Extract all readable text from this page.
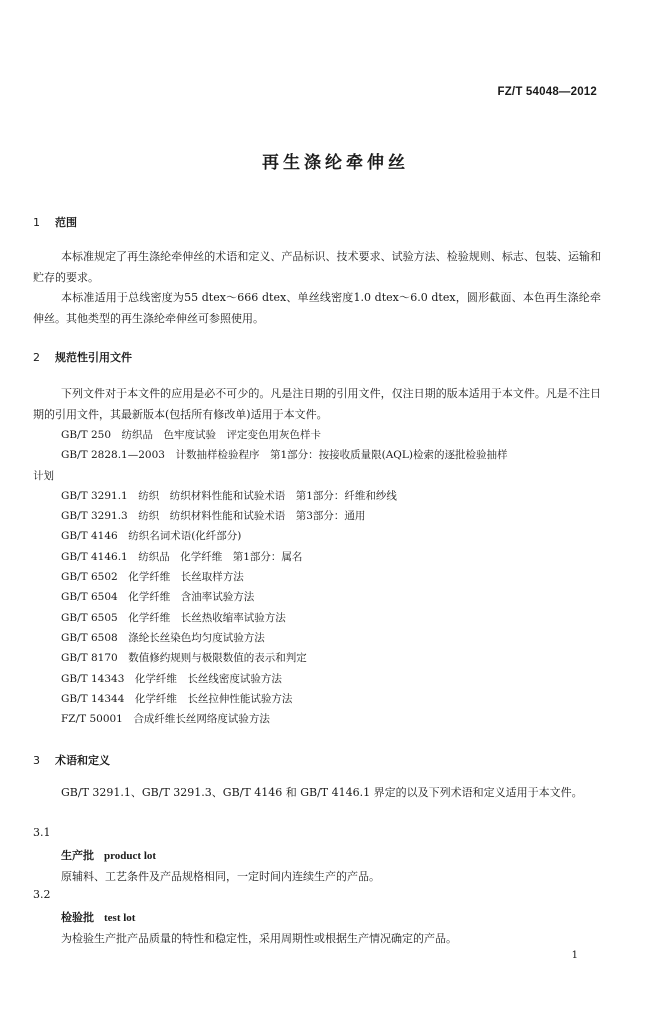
FZ/T 54048—2012
再生涤纶牵伸丝
1 范围
本标准规定了再生涤纶牵伸丝的术语和定义、产品标识、技术要求、试验方法、检验规则、标志、包装、运输和贮存的要求。
本标准适用于总线密度为55 dtex～666 dtex、单丝线密度1.0 dtex～6.0 dtex，圆形截面、本色再生涤纶牵伸丝。其他类型的再生涤纶牵伸丝可参照使用。
2 规范性引用文件
下列文件对于本文件的应用是必不可少的。凡是注日期的引用文件，仅注日期的版本适用于本文件。凡是不注日期的引用文件，其最新版本(包括所有修改单)适用于本文件。
GB/T 250　纺织品　色牢度试验　评定变色用灰色样卡
GB/T 2828.1—2003　计数抽样检验程序　第1部分：按接收质量限(AQL)检索的逐批检验抽样
计划
GB/T 3291.1　纺织　纺织材料性能和试验术语　第1部分：纤维和纱线
GB/T 3291.3　纺织　纺织材料性能和试验术语　第3部分：通用
GB/T 4146　纺织名词术语(化纤部分)
GB/T 4146.1　纺织品　化学纤维　第1部分：属名
GB/T 6502　化学纤维　长丝取样方法
GB/T 6504　化学纤维　含油率试验方法
GB/T 6505　化学纤维　长丝热收缩率试验方法
GB/T 6508　涤纶长丝染色均匀度试验方法
GB/T 8170　数值修约规则与极限数值的表示和判定
GB/T 14343　化学纤维　长丝线密度试验方法
GB/T 14344　化学纤维　长丝拉伸性能试验方法
FZ/T 50001　合成纤维长丝网络度试验方法
3 术语和定义
GB/T 3291.1、GB/T 3291.3、GB/T 4146 和 GB/T 4146.1 界定的以及下列术语和定义适用于本文件。
3.1
生产批 product lot
原辅料、工艺条件及产品规格相同，一定时间内连续生产的产品。
3.2
检验批 test lot
为检验生产批产品质量的特性和稳定性，采用周期性或根据生产情况确定的产品。
1
